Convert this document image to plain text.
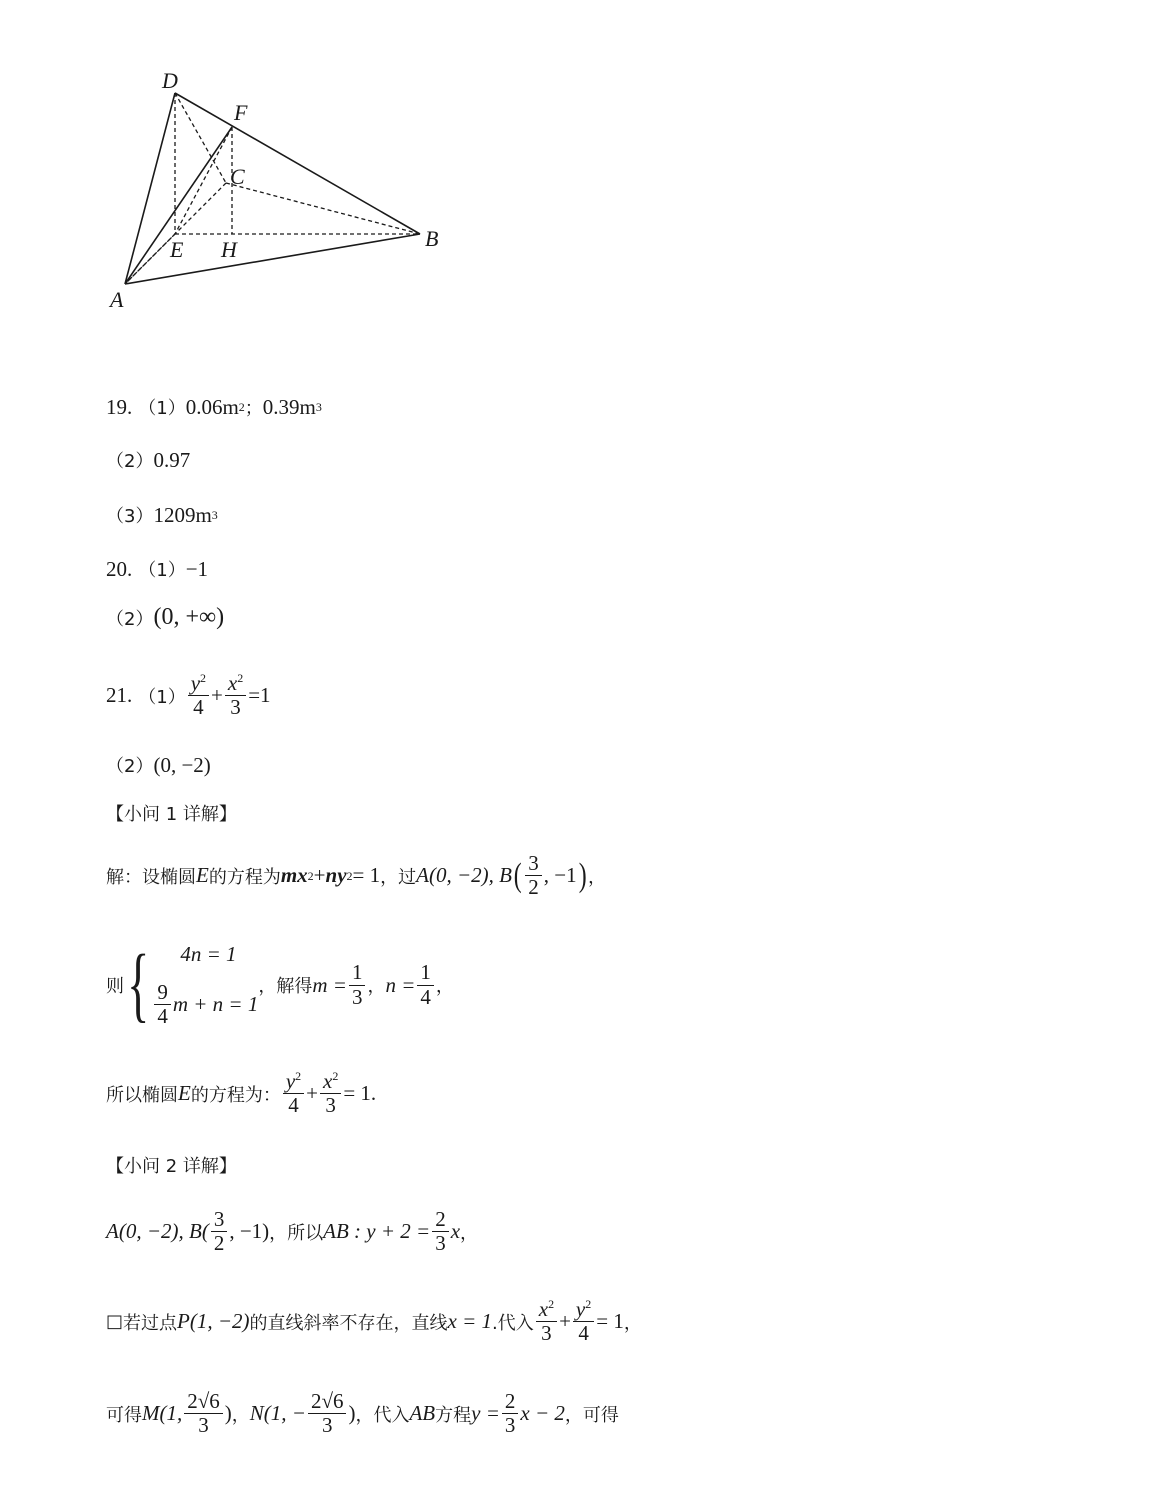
D
F
C
E H	B
A
19. （1） 0.06m 2 ； 0.39m 3
（2） 0.97
（3） 1209m 3
20. （1） −1
（2） (0, +∞)
21. $(1) \frac{y^2}{4} + \frac{x^2}{3} =1$
（2） (0, −2)
【小问 1 详解】
解：设椭圆 E 的方程为 m x 2 + n y 2 = 1 ，过 A(0, −2), B ( $\frac{3}{2}$ , −1 ) ，
则 {	4n = 1
$\frac{9}{4}$ m + n = 1
，解得 $m = \frac{1}{3}$ ， $n = \frac{1}{4}$ ，
所以椭圆 E 的方程为： $\frac{y^2}{4} + \frac{x^2}{3} = 1$.
【小问 2 详解】
A(0, −2), $B( \frac{3}{2}$ , −1) ，所以 AB : $y + 2 = \frac{2}{3}$ x ，
□ 若过点 P(1, −2) 的直线斜率不存在，直线 x = 1 .代入 $\frac{x^2}{3} + \frac{y^2}{4} = 1$ ，
可得 M(1, $\frac{2√6}{3}$ ) ， N(1, − $\frac{2√6}{3}$ ) ，代入 AB 方程 $y = \frac{2}{3}$ x − 2 ，可得
